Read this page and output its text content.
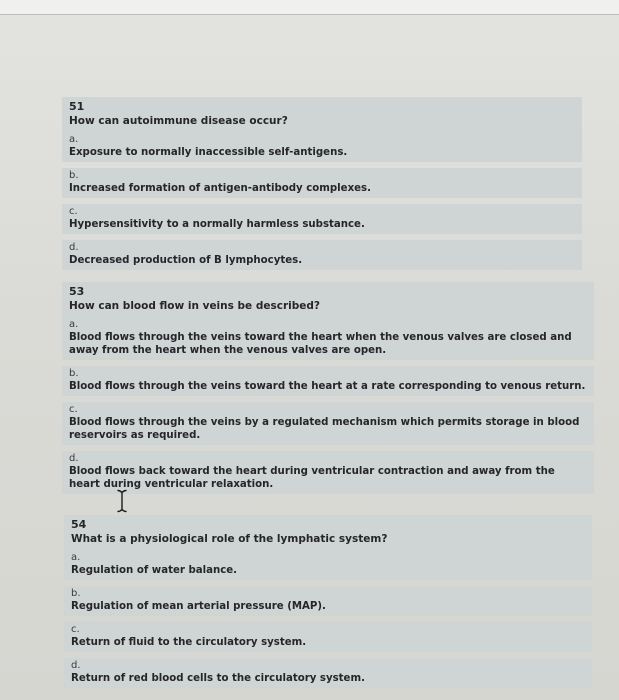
51
How can autoimmune disease occur?
a.
Exposure to normally inaccessible self-antigens.
b.
Increased formation of antigen-antibody complexes.
c.
Hypersensitivity to a normally harmless substance.
d.
Decreased production of B lymphocytes.
53
How can blood flow in veins be described?
a.
Blood flows through the veins toward the heart when the venous valves are closed and away from the heart when the venous valves are open.
b.
Blood flows through the veins toward the heart at a rate corresponding to venous return.
c.
Blood flows through the veins by a regulated mechanism which permits storage in blood reservoirs as required.
d.
Blood flows back toward the heart during ventricular contraction and away from the heart during ventricular relaxation.
54
What is a physiological role of the lymphatic system?
a.
Regulation of water balance.
b.
Regulation of mean arterial pressure (MAP).
c.
Return of fluid to the circulatory system.
d.
Return of red blood cells to the circulatory system.
